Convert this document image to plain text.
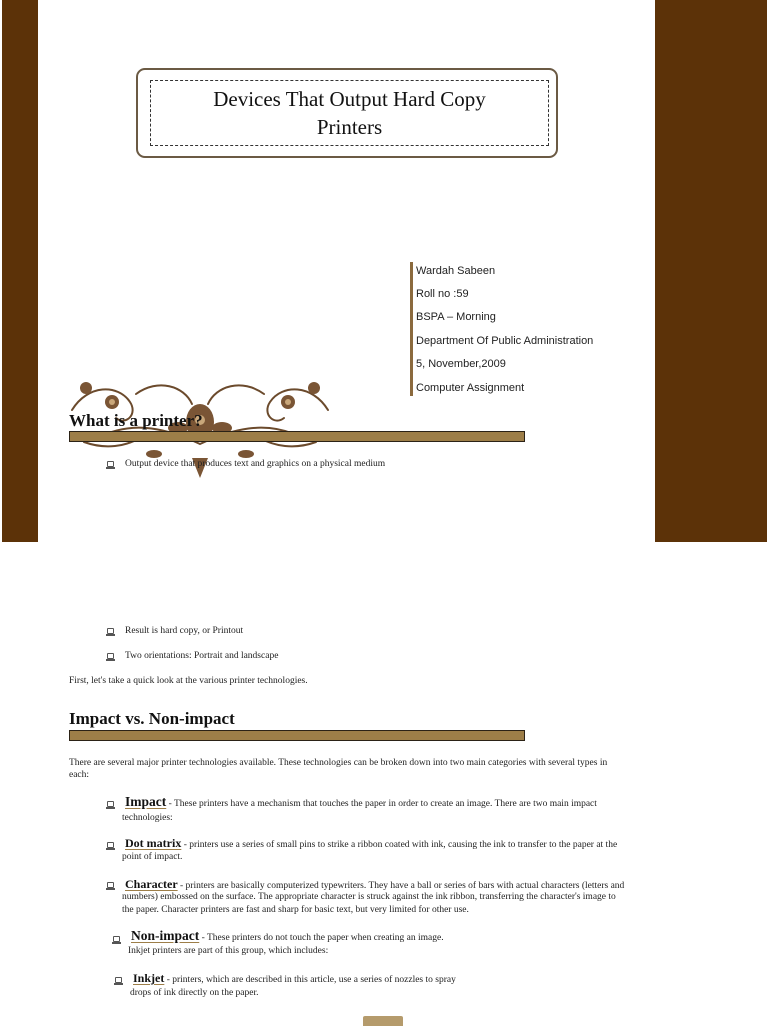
Devices That Output Hard Copy
Printers
Wardah Sabeen
Roll no :59
BSPA – Morning
Department Of Public Administration
5, November,2009
Computer Assignment
What is a printer?
Output device that produces text and graphics on a physical medium
Result is hard copy, or Printout
Two orientations: Portrait and landscape
First, let's take a quick look at the various printer technologies.
Impact vs. Non-impact
There are several major printer technologies available. These technologies can be broken down into two main categories with several types in
each:
Impact - These printers have a mechanism that touches the paper in order to create an image. There are two main impact
technologies:
Dot matrix - printers use a series of small pins to strike a ribbon coated with ink, causing the ink to transfer to the paper at the
point of impact.
Character - printers are basically computerized typewriters. They have a ball or series of bars with actual characters (letters and
numbers) embossed on the surface. The appropriate character is struck against the ink ribbon, transferring the character's image to
the paper. Character printers are fast and sharp for basic text, but very limited for other use.
Non-impact - These printers do not touch the paper when creating an image.
Inkjet printers are part of this group, which includes:
Inkjet - printers, which are described in this article, use a series of nozzles to spray
drops of ink directly on the paper.
